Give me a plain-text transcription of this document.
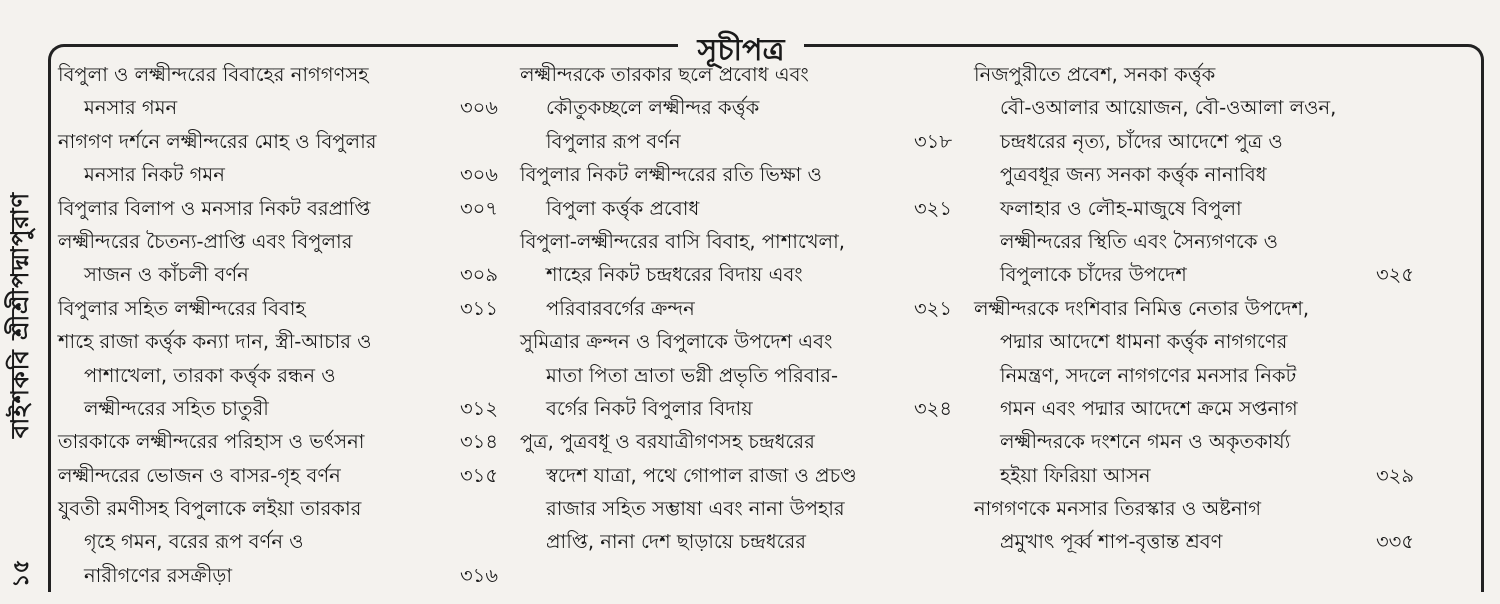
বাইশকবি শ্রীশ্রীপদ্মাপুরাণ
১৫
সূচীপত্র
বিপুলা ও লক্ষ্মীন্দরের বিবাহের নাগগণসহ
মনসার গমন	৩০৬
নাগগণ দর্শনে লক্ষ্মীন্দরের মোহ ও বিপুলার
মনসার নিকট গমন	৩০৬
বিপুলার বিলাপ ও মনসার নিকট বরপ্রাপ্তি	৩০৭
লক্ষ্মীন্দরের চৈতন্য-প্রাপ্তি এবং বিপুলার
সাজন ও কাঁচলী বর্ণন	৩০৯
বিপুলার সহিত লক্ষ্মীন্দরের বিবাহ	৩১১
শাহে রাজা কর্ত্তৃক কন্যা দান, স্ত্রী-আচার ও
পাশাখেলা, তারকা কর্ত্তৃক রন্ধন ও
লক্ষ্মীন্দরের সহিত চাতুরী	৩১২
তারকাকে লক্ষ্মীন্দরের পরিহাস ও ভর্ৎসনা	৩১৪
লক্ষ্মীন্দরের ভোজন ও বাসর-গৃহ বর্ণন	৩১৫
যুবতী রমণীসহ বিপুলাকে লইয়া তারকার
গৃহে গমন, বরের রূপ বর্ণন ও
নারীগণের রসক্রীড়া	৩১৬
লক্ষ্মীন্দরকে তারকার ছলে প্রবোধ এবং
কৌতুকচ্ছলে লক্ষ্মীন্দর কর্ত্তৃক
বিপুলার রূপ বর্ণন	৩১৮
বিপুলার নিকট লক্ষ্মীন্দরের রতি ভিক্ষা ও
বিপুলা কর্ত্তৃক প্রবোধ	৩২১
বিপুলা-লক্ষ্মীন্দরের বাসি বিবাহ, পাশাখেলা,
শাহের নিকট চন্দ্রধরের বিদায় এবং
পরিবারবর্গের ক্রন্দন	৩২১
সুমিত্রার ক্রন্দন ও বিপুলাকে উপদেশ এবং
মাতা পিতা ভ্রাতা ভগ্নী প্রভৃতি পরিবার-
বর্গের নিকট বিপুলার বিদায়	৩২৪
পুত্র, পুত্রবধূ ও বরযাত্রীগণসহ চন্দ্রধরের
স্বদেশ যাত্রা, পথে গোপাল রাজা ও প্রচণ্ড
রাজার সহিত সম্ভাষা এবং নানা উপহার
প্রাপ্তি, নানা দেশ ছাড়ায়ে চন্দ্রধরের
নিজপুরীতে প্রবেশ, সনকা কর্ত্তৃক
বৌ-ওআলার আয়োজন, বৌ-ওআলা লওন,
চন্দ্রধরের নৃত্য, চাঁদের আদেশে পুত্র ও
পুত্রবধূর জন্য সনকা কর্ত্তৃক নানাবিধ
ফলাহার ও লৌহ-মাজুষে বিপুলা
লক্ষ্মীন্দরের স্থিতি এবং সৈন্যগণকে ও
বিপুলাকে চাঁদের উপদেশ	৩২৫
লক্ষ্মীন্দরকে দংশিবার নিমিত্ত নেতার উপদেশ,
পদ্মার আদেশে ধামনা কর্ত্তৃক নাগগণের
নিমন্ত্রণ, সদলে নাগগণের মনসার নিকট
গমন এবং পদ্মার আদেশে ক্রমে সপ্তনাগ
লক্ষ্মীন্দরকে দংশনে গমন ও অকৃতকার্য্য
হইয়া ফিরিয়া আসন	৩২৯
নাগগণকে মনসার তিরস্কার ও অষ্টনাগ
প্রমুখাৎ পূর্ব্ব শাপ-বৃত্তান্ত শ্রবণ	৩৩৫
